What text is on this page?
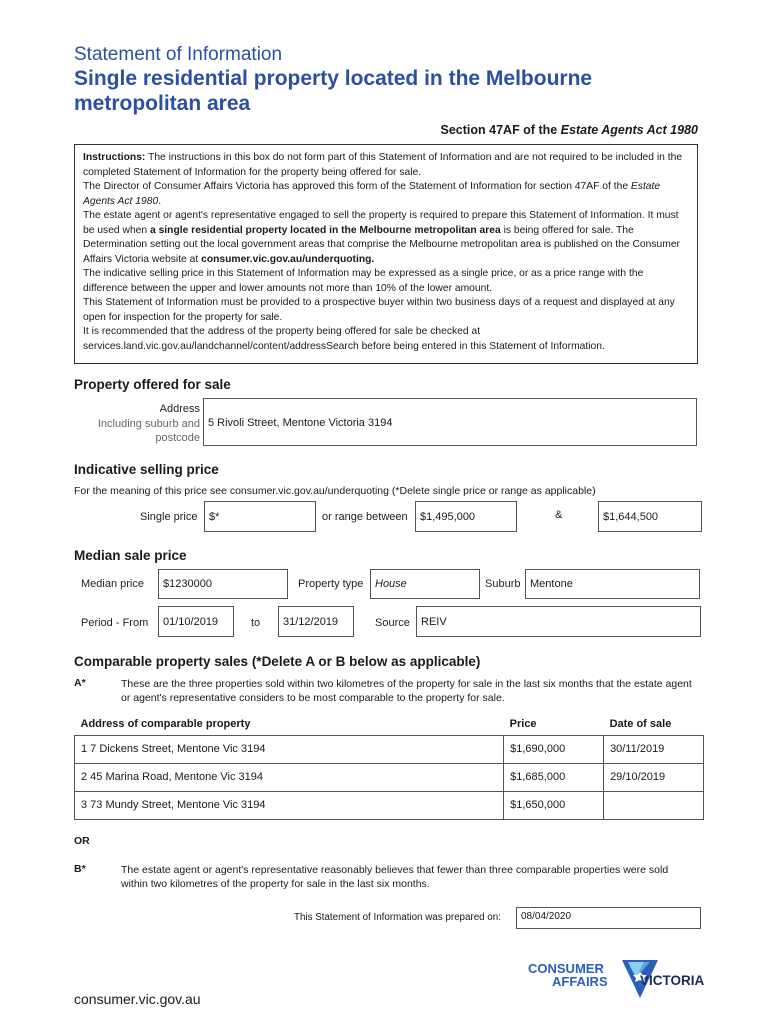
Statement of Information
Single residential property located in the Melbourne metropolitan area
Section 47AF of the Estate Agents Act 1980

Instructions: The instructions in this box do not form part of this Statement of Information and are not required to be included in the completed Statement of Information for the property being offered for sale.

The Director of Consumer Affairs Victoria has approved this form of the Statement of Information for section 47AF of the Estate Agents Act 1980.

The estate agent or agent's representative engaged to sell the property is required to prepare this Statement of Information. It must be used when a single residential property located in the Melbourne metropolitan area is being offered for sale. The Determination setting out the local government areas that comprise the Melbourne metropolitan area is published on the Consumer Affairs Victoria website at consumer.vic.gov.au/underquoting.

The indicative selling price in this Statement of Information may be expressed as a single price, or as a price range with the difference between the upper and lower amounts not more than 10% of the lower amount.

This Statement of Information must be provided to a prospective buyer within two business days of a request and displayed at any open for inspection for the property for sale.

It is recommended that the address of the property being offered for sale be checked at services.land.vic.gov.au/landchannel/content/addressSearch before being entered in this Statement of Information.

Property offered for sale
Address
Including suburb and
postcode
5 Rivoli Street, Mentone Victoria 3194
Indicative selling price
For the meaning of this price see consumer.vic.gov.au/underquoting (*Delete single price or range as applicable)
Single price	$*	or range between	$1,495,000	&	$1,644,500
Median sale price
Median price	$1230000	Property type	House	Suburb Mentone
Period - From	01/10/2019	to	31/12/2019	Source	REIV
Comparable property sales (*Delete A or B below as applicable)
A*	These are the three properties sold within two kilometres of the property for sale in the last six months that the estate agent or agent's representative considers to be most comparable to the property for sale.
Address of comparable property	Price	Date of sale
1 7 Dickens Street, Mentone Vic 3194	$1,690,000	30/11/2019
2 45 Marina Road, Mentone Vic 3194	$1,685,000	29/10/2019
3 73 Mundy Street, Mentone Vic 3194	$1,650,000	
OR
B*	The estate agent or agent's representative reasonably believes that fewer than three comparable properties were sold within two kilometres of the property for sale in the last six months.
This Statement of Information was prepared on:	08/04/2020
consumer.vic.gov.au
CONSUMER
AFFAIRS VICTORIA
